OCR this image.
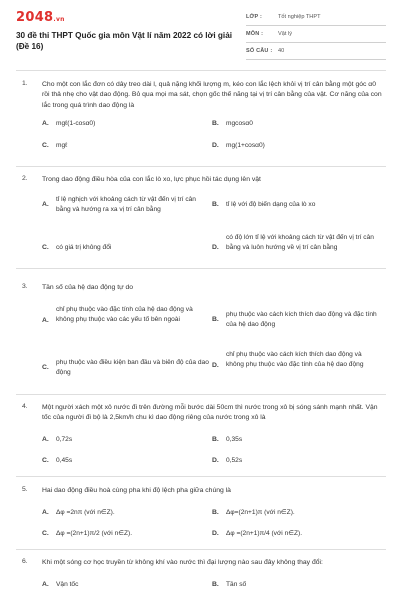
2048.vn
30 đề thi THPT Quốc gia môn Vật lí năm 2022 có lời giải (Đề 16)
LỚP :	Tốt nghiệp THPT
MÔN :	Vật lý
SỐ CÂU : 40
1. Cho một con lắc đơn có dây treo dài l, quả nặng khối lượng m, kéo con lắc lệch khỏi vị trí cân bằng một góc α0 rồi thả nhẹ cho vật dao động. Bỏ qua mọi ma sát, chọn gốc thế năng tại vị trí cân bằng của vật. Cơ năng của con lắc trong quá trình dao động là
A. mgℓ(1-cosα0)	B. mgcosα0
C. mgℓ	D. mg(1+cosα0)
2. Trong dao động điều hòa của con lắc lò xo, lực phục hồi tác dụng lên vật
A.
tỉ lệ nghịch với khoảng cách từ vật đến vị trí cân bằng và hướng ra xa vị trí cân bằng
B. tỉ lệ với độ biến dạng của lò xo
C. có giá trị không đổi	D.
có độ lớn tỉ lệ với khoảng cách từ vật đến vị trí cân bằng và luôn hướng về vị trí cân bằng
3. Tần số của hệ dao động tự do
A.
chỉ phụ thuộc vào đặc tính của hệ dao động và không phụ thuộc vào các yếu tố bên ngoài	B.
phụ thuộc vào cách kích thích dao động và đặc tính của hệ dao động
C.
phụ thuộc vào điều kiện ban đầu và biên độ của dao động
D.
chỉ phụ thuộc vào cách kích thích dao động và không phụ thuộc vào đặc tính của hệ dao động
4. Một người xách một xô nước đi trên đường mỗi bước dài 50cm thì nước trong xô bị sóng sánh mạnh nhất. Vận tốc của người đi bộ là 2,5km/h chu kì dao động riêng của nước trong xô là
A. 0,72s	B. 0,35s
C. 0,45s	D. 0,52s
5. Hai dao động điều hoà cùng pha khi độ lệch pha giữa chúng là
A. Δφ =2nπ (với n∈Z).	B. Δφ=(2n+1)π (với n∈Z).
C. Δφ =(2n+1)π/2 (với n∈Z).	D. Δφ =(2n+1)π/4 (với n∈Z).
6. Khi một sóng cơ học truyền từ không khí vào nước thì đại lượng nào sau đây không thay đổi:
A. Vận tốc	B. Tần số
